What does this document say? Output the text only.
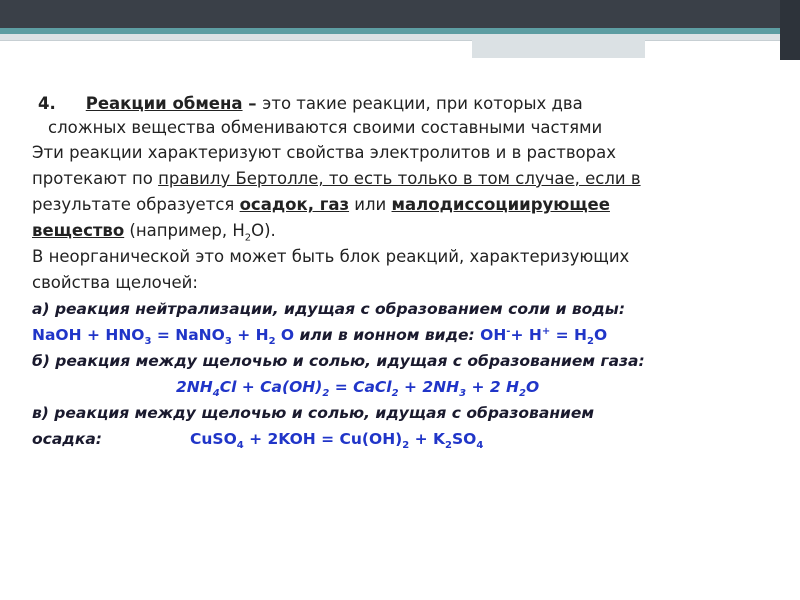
4. Реакции обмена – это такие реакции, при которых два

сложных вещества обмениваются своими составными частями

Эти реакции характеризуют свойства электролитов и в растворах
протекают по правилу Бертолле, то есть только в том случае, если в
результате образуется осадок, газ или малодиссоциирующее
вещество (например, $H_2O$).

В неорганической это может быть блок реакций, характеризующих
свойства щелочей:

а) реакция нейтрализации, идущая с образованием соли и воды:

NaOH + $HNO_3$ = NaNO$_3$ + $H_2$ O или в ионном виде: $OH^-+ H^+ = H_2O$

б) реакция между щелочью и солью, идущая с образованием газа:

$2NH_4Cl + Ca(OH)_2$ = CaCl$_2$ + $2NH_3 + 2$ $H_2O$

в) реакция между щелочью и солью, идущая с образованием

осадка:	CuSO$_4$ + $2KOH = Cu(OH)_2 + K_2SO_4$
